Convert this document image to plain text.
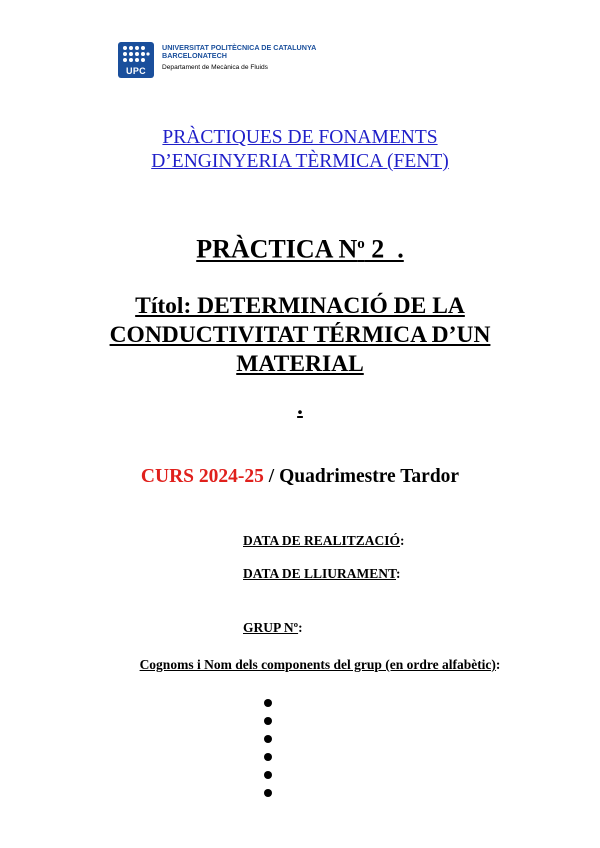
UPC
UNIVERSITAT POLITÈCNICA DE CATALUNYA
BARCELONATECH
Departament de Mecànica de Fluids
PRÀCTIQUES DE FONAMENTS
D’ENGINYERIA TÈRMICA (FENT)
PRÀCTICA $N^o$ 2  .
Títol: DETERMINACIÓ DE LA
CONDUCTIVITAT TÉRMICA D’UN
MATERIAL
.
CURS 2024-25 / Quadrimestre Tardor
DATA DE REALITZACIÓ:
DATA DE LLIURAMENT:
GRUP Nº:
Cognoms i Nom dels components del grup (en ordre alfabètic):
